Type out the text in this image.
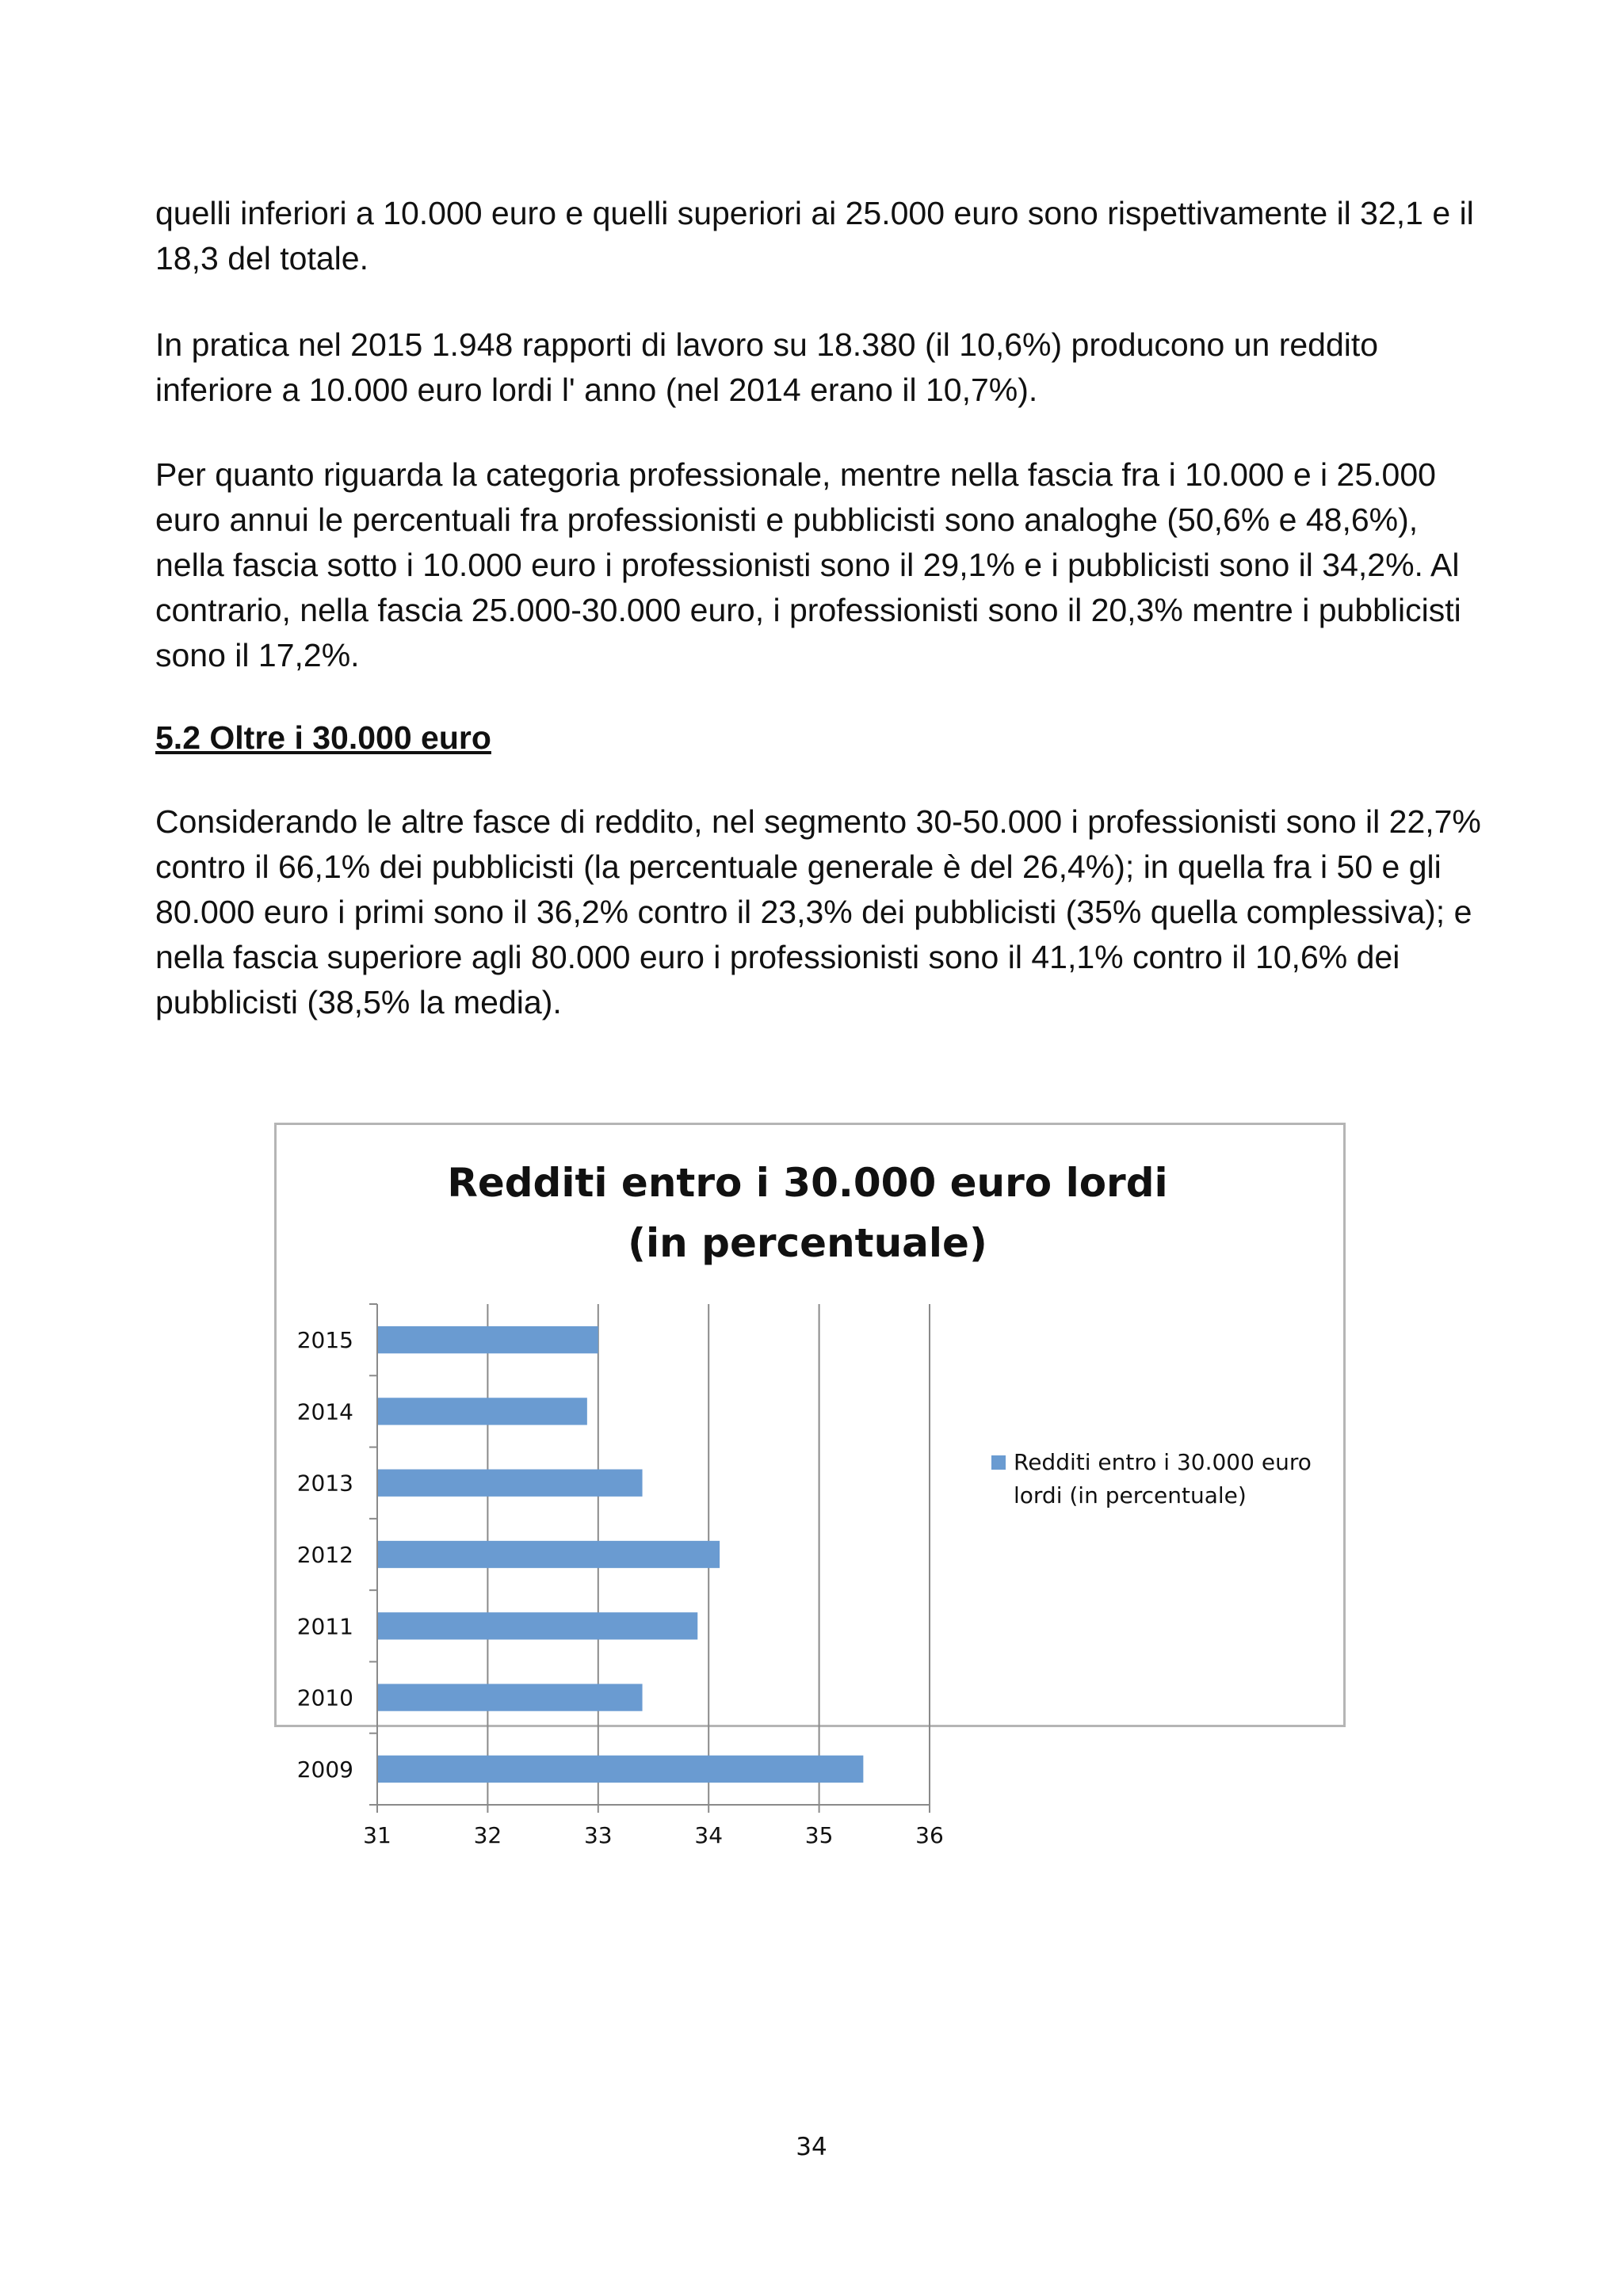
quelli inferiori a 10.000 euro e quelli superiori ai 25.000 euro sono rispettivamente il 32,1 e il 18,3 del totale.

In pratica nel 2015 1.948 rapporti di lavoro su 18.380 (il 10,6%) producono un reddito inferiore a 10.000 euro lordi l' anno (nel 2014 erano il 10,7%).

Per quanto riguarda la categoria professionale, mentre nella fascia fra i 10.000 e i 25.000 euro annui le percentuali fra professionisti e pubblicisti sono analoghe (50,6% e 48,6%), nella fascia sotto i 10.000 euro i professionisti sono il 29,1% e i pubblicisti sono il 34,2%. Al contrario, nella fascia 25.000-30.000 euro, i professionisti sono il 20,3% mentre i pubblicisti sono il 17,2%.

5.2 Oltre i 30.000 euro

Considerando le altre fasce di reddito, nel segmento 30-50.000 i professionisti sono il 22,7% contro il 66,1% dei pubblicisti (la percentuale generale è del 26,4%); in quella fra i 50 e gli 80.000 euro i primi sono il 36,2% contro il 23,3% dei pubblicisti (35% quella complessiva); e nella fascia superiore agli 80.000 euro i professionisti sono il 41,1% contro il 10,6% dei pubblicisti (38,5% la media).

Redditi entro i 30.000 euro lordi
(in percentuale)
31	32	33	34	35	36
2015
2014
2013
2012
2011
2010
2009
Redditi entro i 30.000 euro
lordi (in percentuale)
34
